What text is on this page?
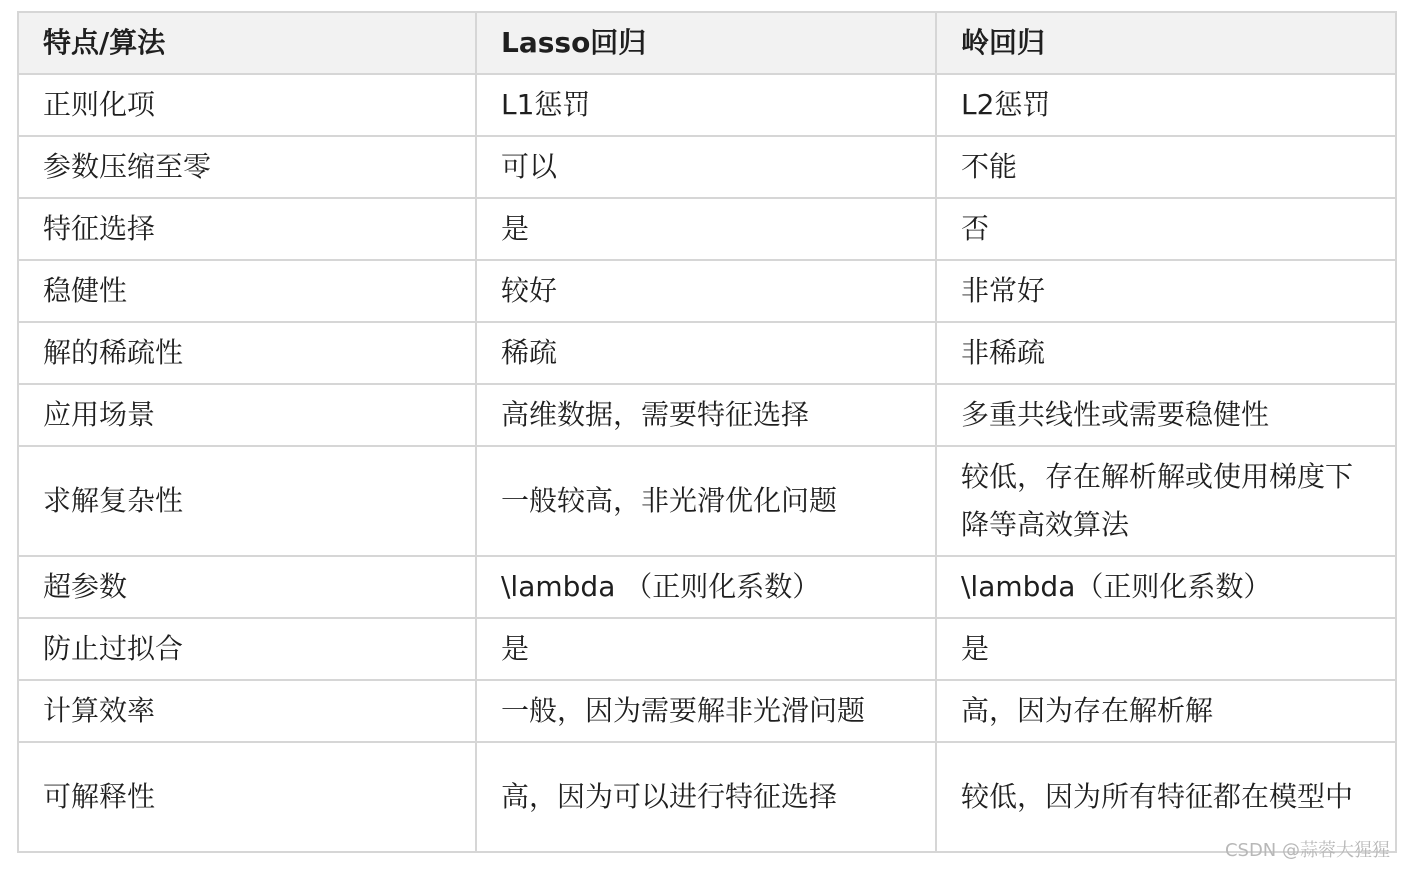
特点/算法	Lasso回归	岭回归
正则化项	L1惩罚	L2惩罚
参数压缩至零	可以	不能
特征选择	是	否
稳健性	较好	非常好
解的稀疏性	稀疏	非稀疏
应用场景	高维数据，需要特征选择	多重共线性或需要稳健性
求解复杂性	一般较高，非光滑优化问题	较低，存在解析解或使用梯度下降等高效算法
超参数	\lambda （正则化系数）	\lambda（正则化系数）
防止过拟合	是	是
计算效率	一般，因为需要解非光滑问题	高，因为存在解析解
可解释性	高，因为可以进行特征选择	较低，因为所有特征都在模型中
CSDN @蒜蓉大猩猩
